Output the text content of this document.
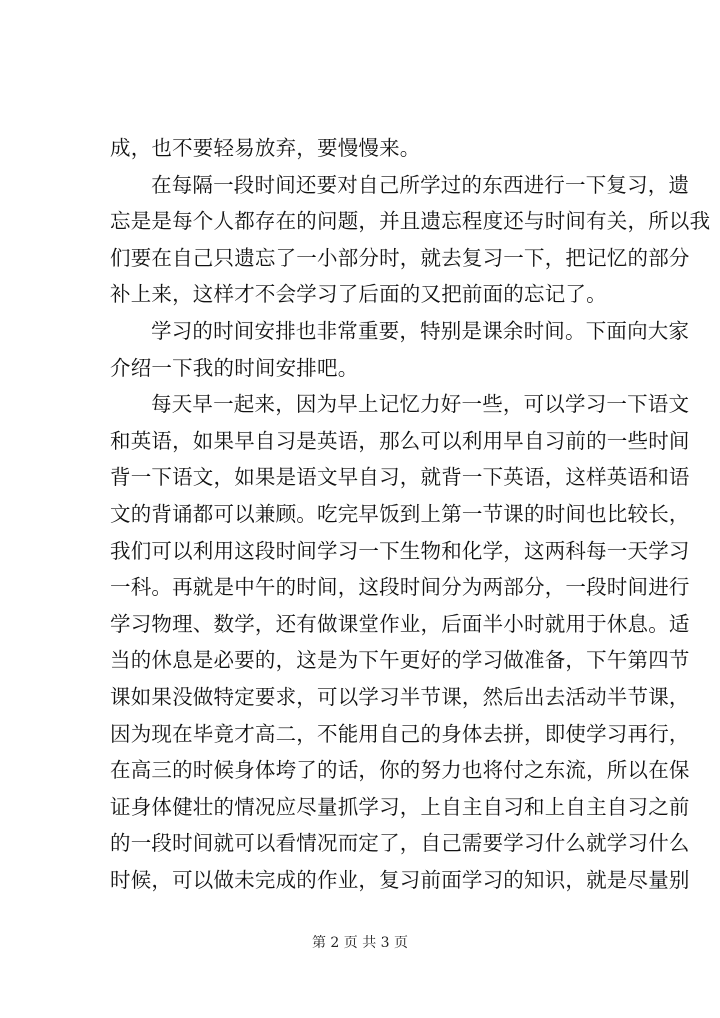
成，也不要轻易放弃，要慢慢来。
在每隔一段时间还要对自己所学过的东西进行一下复习，遗
忘是是每个人都存在的问题，并且遗忘程度还与时间有关，所以我
们要在自己只遗忘了一小部分时，就去复习一下，把记忆的部分
补上来，这样才不会学习了后面的又把前面的忘记了。
学习的时间安排也非常重要，特别是课余时间。下面向大家
介绍一下我的时间安排吧。
每天早一起来，因为早上记忆力好一些，可以学习一下语文
和英语，如果早自习是英语，那么可以利用早自习前的一些时间
背一下语文，如果是语文早自习，就背一下英语，这样英语和语
文的背诵都可以兼顾。吃完早饭到上第一节课的时间也比较长，
我们可以利用这段时间学习一下生物和化学，这两科每一天学习
一科。再就是中午的时间，这段时间分为两部分，一段时间进行
学习物理、数学，还有做课堂作业，后面半小时就用于休息。适
当的休息是必要的，这是为下午更好的学习做准备，下午第四节
课如果没做特定要求，可以学习半节课，然后出去活动半节课，
因为现在毕竟才高二，不能用自己的身体去拼，即使学习再行，
在高三的时候身体垮了的话，你的努力也将付之东流，所以在保
证身体健壮的情况应尽量抓学习，上自主自习和上自主自习之前
的一段时间就可以看情况而定了，自己需要学习什么就学习什么
时候，可以做未完成的作业，复习前面学习的知识，就是尽量别
第 2 页 共 3 页
